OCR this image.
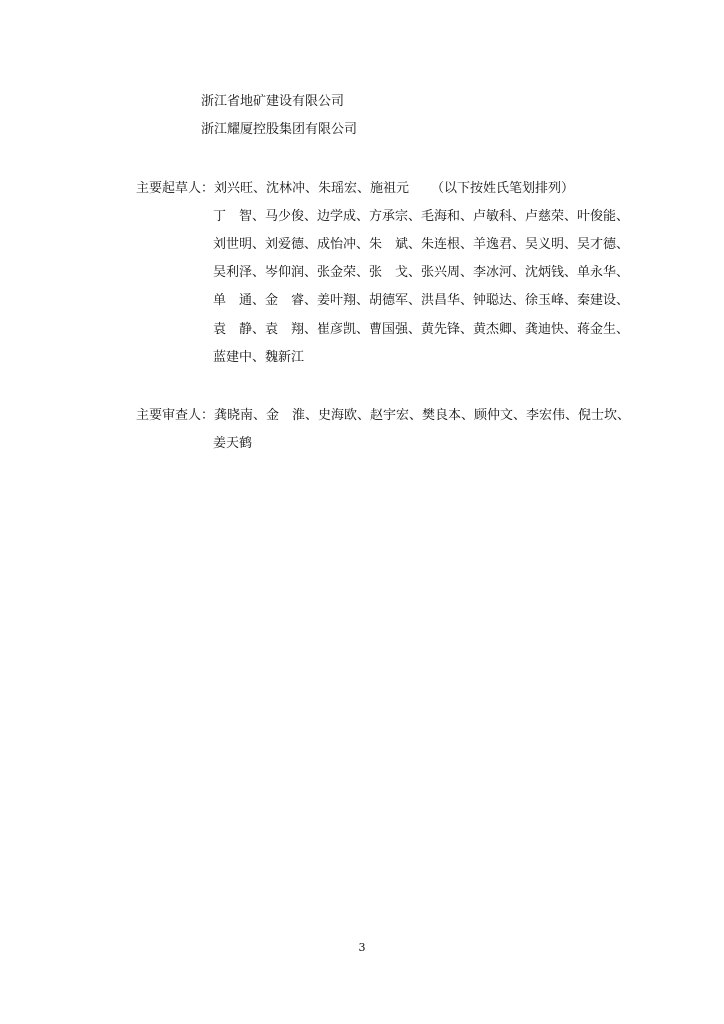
浙江省地矿建设有限公司
浙江耀厦控股集团有限公司
主要起草人：刘兴旺、沈林冲、朱瑶宏、施祖元 （以下按姓氏笔划排列）
丁　智、马少俊、边学成、方承宗、毛海和、卢敏科、卢慈荣、叶俊能、
刘世明、刘爱德、成怡冲、朱　斌、朱连根、羊逸君、吴义明、吴才德、
吴利泽、岑仰润、张金荣、张　戈、张兴周、李冰河、沈炳钱、单永华、
单　通、金　睿、姜叶翔、胡德军、洪昌华、钟聪达、徐玉峰、秦建设、
袁　静、袁　翔、崔彦凯、曹国强、黄先锋、黄杰卿、龚迪快、蒋金生、
蓝建中、魏新江
主要审查人：龚晓南、金　淮、史海欧、赵宇宏、樊良本、顾仲文、李宏伟、倪士坎、
姜天鹤
3
